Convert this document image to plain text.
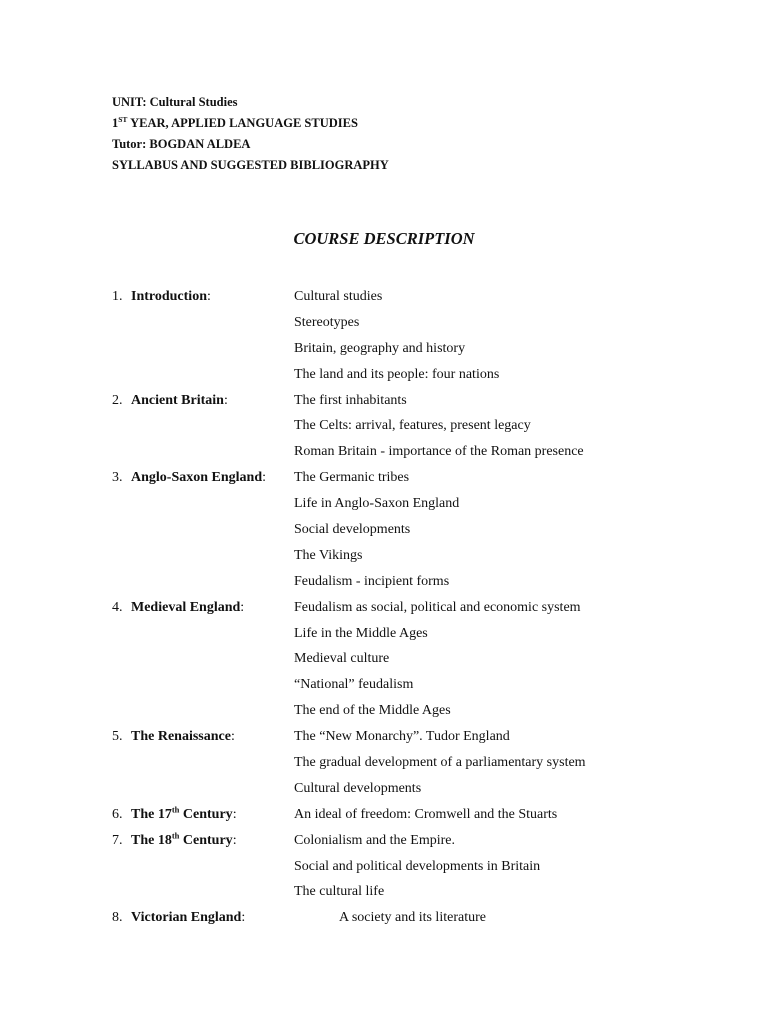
UNIT: Cultural Studies
1ST YEAR, APPLIED LANGUAGE STUDIES
Tutor: BOGDAN ALDEA
SYLLABUS AND SUGGESTED BIBLIOGRAPHY
COURSE DESCRIPTION
1. Introduction:	Cultural studies
Stereotypes
Britain, geography and history
The land and its people: four nations
2. Ancient Britain:	The first inhabitants
The Celts: arrival, features, present legacy
Roman Britain - importance of the Roman presence
3. Anglo-Saxon England: The Germanic tribes
Life in Anglo-Saxon England
Social developments
The Vikings
Feudalism - incipient forms
4. Medieval England:	Feudalism as social, political and economic system
Life in the Middle Ages
Medieval culture
“National” feudalism
The end of the Middle Ages
5. The Renaissance:	The “New Monarchy”. Tudor England
The gradual development of a parliamentary system
Cultural developments
6. The 17th Century:	An ideal of freedom: Cromwell and the Stuarts
7. The 18th Century:	Colonialism and the Empire.
Social and political developments in Britain
The cultural life
8. Victorian England:	A society and its literature
